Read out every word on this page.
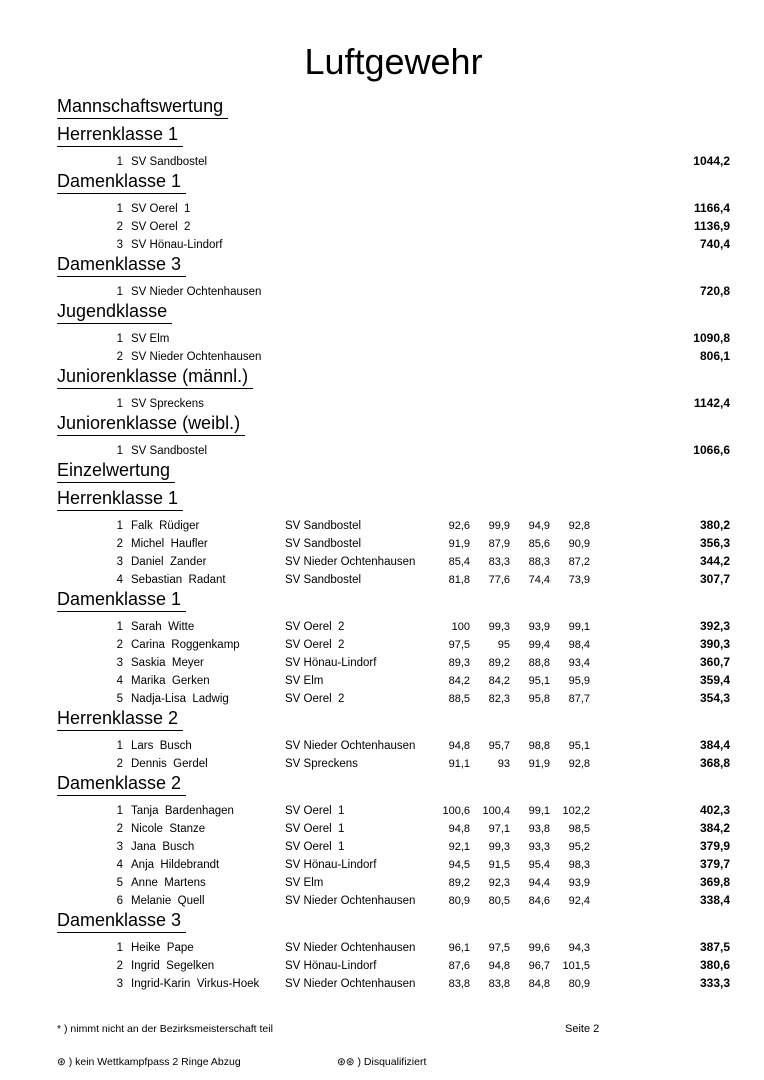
Luftgewehr
Mannschaftswertung
Herrenklasse 1
1 SV Sandbostel	1044,2
Damenklasse 1
1 SV Oerel  1	1166,4
2 SV Oerel  2	1136,9
3 SV Hönau-Lindorf	740,4
Damenklasse 3
1 SV Nieder Ochtenhausen	720,8
Jugendklasse
1 SV Elm	1090,8
2 SV Nieder Ochtenhausen	806,1
Juniorenklasse (männl.)
1 SV Spreckens	1142,4
Juniorenklasse (weibl.)
1 SV Sandbostel	1066,6
Einzelwertung
Herrenklasse 1
1 Falk  Rüdiger	SV Sandbostel	92,6	99,9	94,9	92,8	380,2
2 Michel  Haufler	SV Sandbostel	91,9	87,9	85,6	90,9	356,3
3 Daniel  Zander	SV Nieder Ochtenhausen	85,4	83,3	88,3	87,2	344,2
4 Sebastian  Radant	SV Sandbostel	81,8	77,6	74,4	73,9	307,7
Damenklasse 1
1 Sarah  Witte	SV Oerel  2	100	99,3	93,9	99,1	392,3
2 Carina  Roggenkamp	SV Oerel  2	97,5	95	99,4	98,4	390,3
3 Saskia  Meyer	SV Hönau-Lindorf	89,3	89,2	88,8	93,4	360,7
4 Marika  Gerken	SV Elm	84,2	84,2	95,1	95,9	359,4
5 Nadja-Lisa  Ladwig	SV Oerel  2	88,5	82,3	95,8	87,7	354,3
Herrenklasse 2
1 Lars  Busch	SV Nieder Ochtenhausen	94,8	95,7	98,8	95,1	384,4
2 Dennis  Gerdel	SV Spreckens	91,1	93	91,9	92,8	368,8
Damenklasse 2
1 Tanja  Bardenhagen	SV Oerel  1	100,6	100,4	99,1	102,2	402,3
2 Nicole  Stanze	SV Oerel  1	94,8	97,1	93,8	98,5	384,2
3 Jana  Busch	SV Oerel  1	92,1	99,3	93,3	95,2	379,9
4 Anja  Hildebrandt	SV Hönau-Lindorf	94,5	91,5	95,4	98,3	379,7
5 Anne  Martens	SV Elm	89,2	92,3	94,4	93,9	369,8
6 Melanie  Quell	SV Nieder Ochtenhausen	80,9	80,5	84,6	92,4	338,4
Damenklasse 3
1 Heike  Pape	SV Nieder Ochtenhausen	96,1	97,5	99,6	94,3	387,5
2 Ingrid  Segelken	SV Hönau-Lindorf	87,6	94,8	96,7	101,5	380,6
3 Ingrid-Karin  Virkus-Hoek	SV Nieder Ochtenhausen	83,8	83,8	84,8	80,9	333,3
* ) nimmt nicht an der Bezirksmeisterschaft teil	Seite 2
⊛ ) kein Wettkampfpass 2 Ringe Abzug	⊛⊛ ) Disqualifiziert
